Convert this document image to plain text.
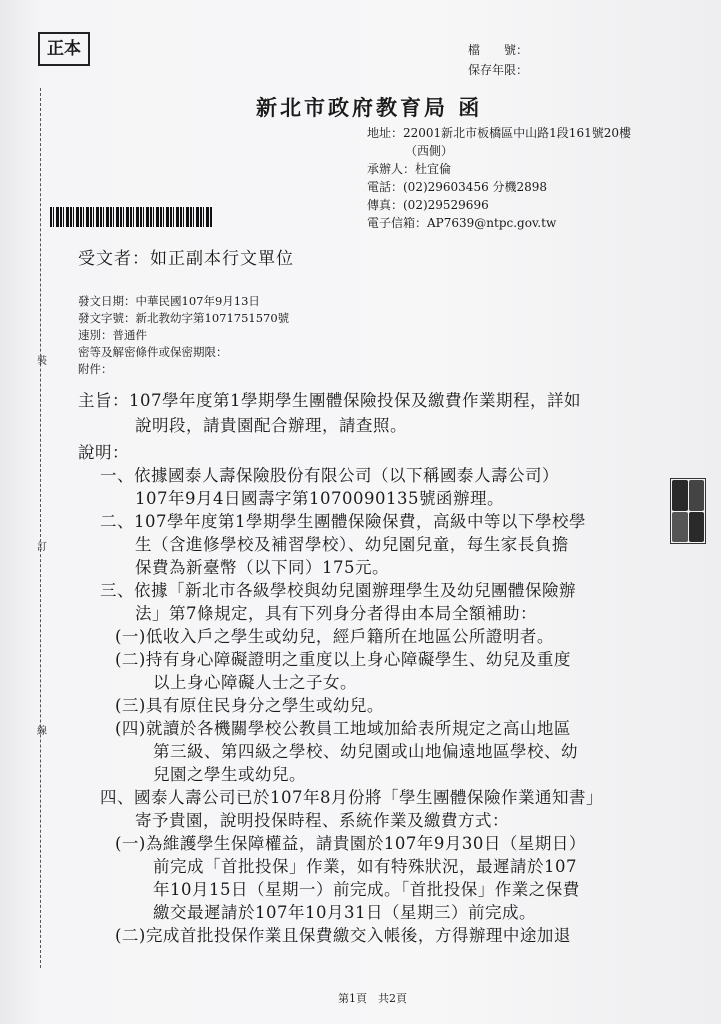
正本	檔　　號：
保存年限：
新北市政府教育局 函
地址：22001新北市板橋區中山路1段161號20樓
（西側）
承辦人：杜宜倫
電話：(02)29603456 分機2898
傳真：(02)29529696
電子信箱：AP7639@ntpc.gov.tw
裝
訂
線
受文者：如正副本行文單位
發文日期：中華民國107年9月13日
發文字號：新北教幼字第1071751570號
速別：普通件
密等及解密條件或保密期限：
附件：
主旨：107學年度第1學期學生團體保險投保及繳費作業期程，詳如
說明段，請貴園配合辦理，請查照。
說明：
一、依據國泰人壽保險股份有限公司（以下稱國泰人壽公司）
107年9月4日國壽字第1070090135號函辦理。
二、107學年度第1學期學生團體保險保費，高級中等以下學校學
生（含進修學校及補習學校）、幼兒園兒童，每生家長負擔
保費為新臺幣（以下同）175元。
三、依據「新北市各級學校與幼兒園辦理學生及幼兒團體保險辦
法」第7條規定，具有下列身分者得由本局全額補助：
(一)低收入戶之學生或幼兒，經戶籍所在地區公所證明者。
(二)持有身心障礙證明之重度以上身心障礙學生、幼兒及重度
以上身心障礙人士之子女。
(三)具有原住民身分之學生或幼兒。
(四)就讀於各機關學校公教員工地域加給表所規定之高山地區
第三級、第四級之學校、幼兒園或山地偏遠地區學校、幼
兒園之學生或幼兒。
四、國泰人壽公司已於107年8月份將「學生團體保險作業通知書」
寄予貴園，說明投保時程、系統作業及繳費方式：
(一)為維護學生保障權益，請貴園於107年9月30日（星期日）
前完成「首批投保」作業，如有特殊狀況，最遲請於107
年10月15日（星期一）前完成。「首批投保」作業之保費
繳交最遲請於107年10月31日（星期三）前完成。
(二)完成首批投保作業且保費繳交入帳後，方得辦理中途加退
第1頁　共2頁
